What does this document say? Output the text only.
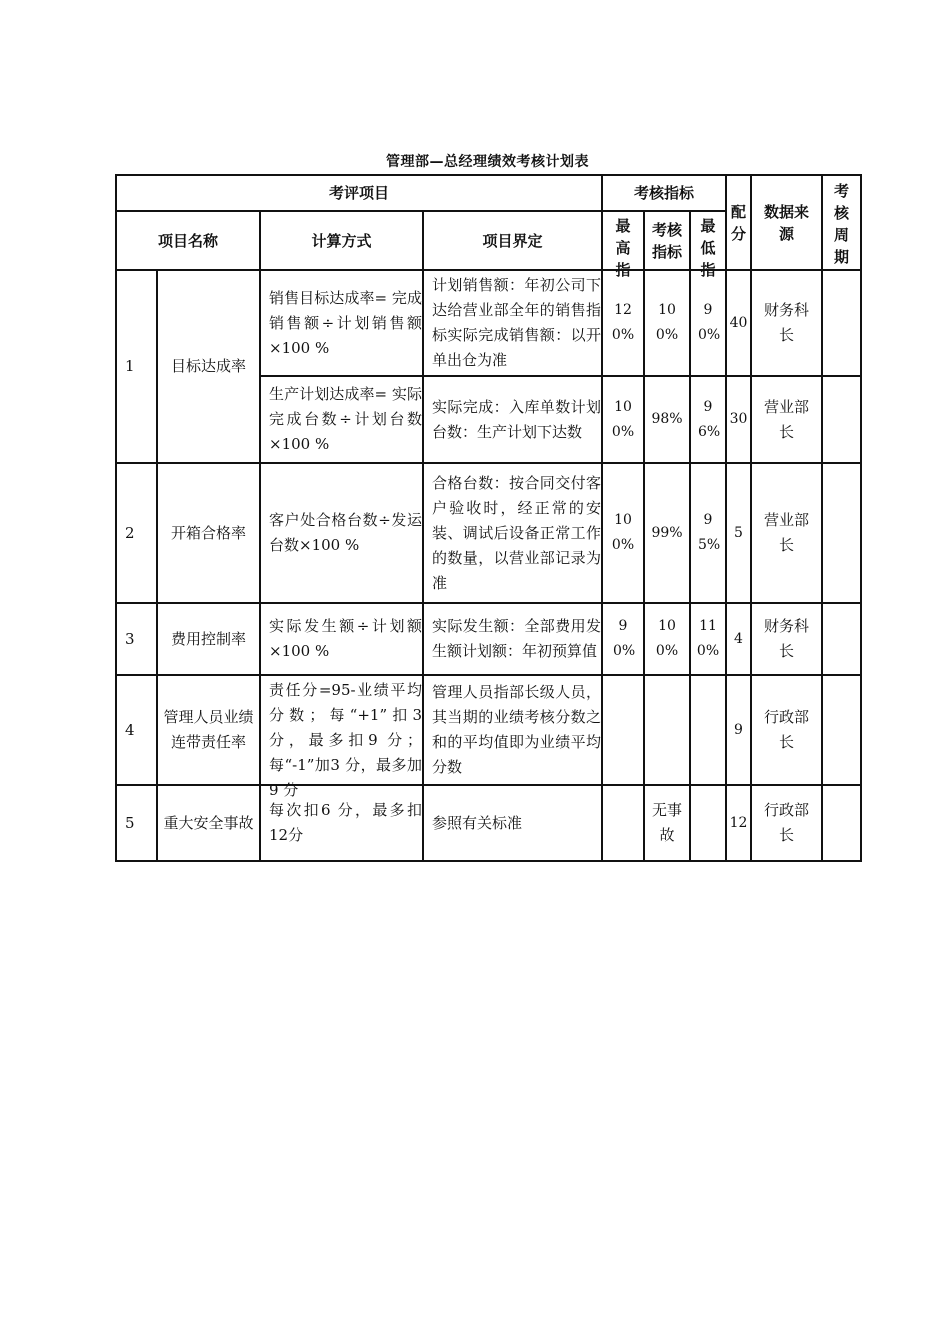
管理部—总经理绩效考核计划表
考评项目				考核指标			配分	数据来源	考核周期

项目名称		计算方式	项目界定	最高指	考核指标	最低指			

1	目标达成率	销售目标达成率= 完成销售额÷计划销售额×100 %	计划销售额：年初公司下达给营业部全年的销售指标实际完成销售额：以开单出仓为准	120%	100%	90%	40	财务科长	

		生产计划达成率= 实际完成台数÷计划台数×100 %	实际完成：入库单数计划台数：生产计划下达数	100%	98%	96%	30	营业部长	

2	开箱合格率	客户处合格台数÷发运台数×100 %	合格台数：按合同交付客户验收时，经正常的安装、调试后设备正常工作的数量，以营业部记录为准	100%	99%	95%	5	营业部长	

3	费用控制率	实际发生额÷计划额×100 %	实际发生额：全部费用发生额计划额：年初预算值	90%	100%	110%	4	财务科长	

4	管理人员业绩连带责任率	责任分=95-业绩平均分数；每“+1”扣3 分，最多扣9 分；每“-1”加3 分，最多加9 分	管理人员指部长级人员，其当期的业绩考核分数之和的平均值即为业绩平均分数				9	行政部长	

5	重大安全事故	每次扣6 分，最多扣12分	参照有关标准		无事故		12	行政部长	
